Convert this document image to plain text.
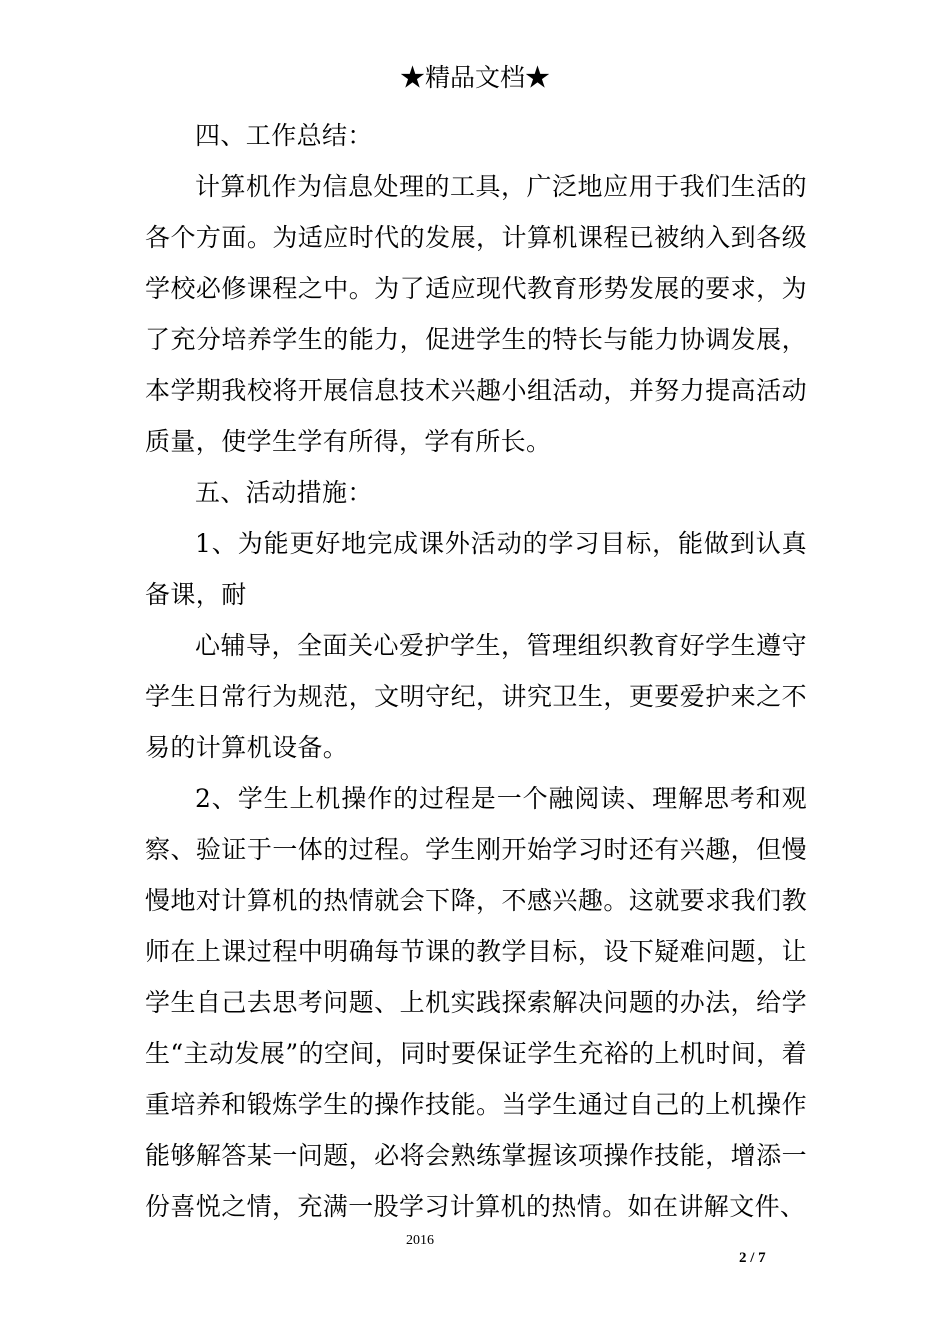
★精品文档★

四、工作总结：

计算机作为信息处理的工具，广泛地应用于我们生活的各个方面。为适应时代的发展，计算机课程已被纳入到各级学校必修课程之中。为了适应现代教育形势发展的要求，为了充分培养学生的能力，促进学生的特长与能力协调发展，本学期我校将开展信息技术兴趣小组活动，并努力提高活动质量，使学生学有所得，学有所长。

五、活动措施：

1、为能更好地完成课外活动的学习目标，能做到认真备课，耐

心辅导，全面关心爱护学生，管理组织教育好学生遵守学生日常行为规范，文明守纪，讲究卫生，更要爱护来之不易的计算机设备。

2、学生上机操作的过程是一个融阅读、理解思考和观察、验证于一体的过程。学生刚开始学习时还有兴趣，但慢慢地对计算机的热情就会下降，不感兴趣。这就要求我们教师在上课过程中明确每节课的教学目标，设下疑难问题，让学生自己去思考问题、上机实践探索解决问题的办法，给学生“主动发展”的空间，同时要保证学生充裕的上机时间，着重培养和锻炼学生的操作技能。当学生通过自己的上机操作能够解答某一问题，必将会熟练掌握该项操作技能，增添一份喜悦之情，充满一股学习计算机的热情。如在讲解文件、

2016
2 / 7
